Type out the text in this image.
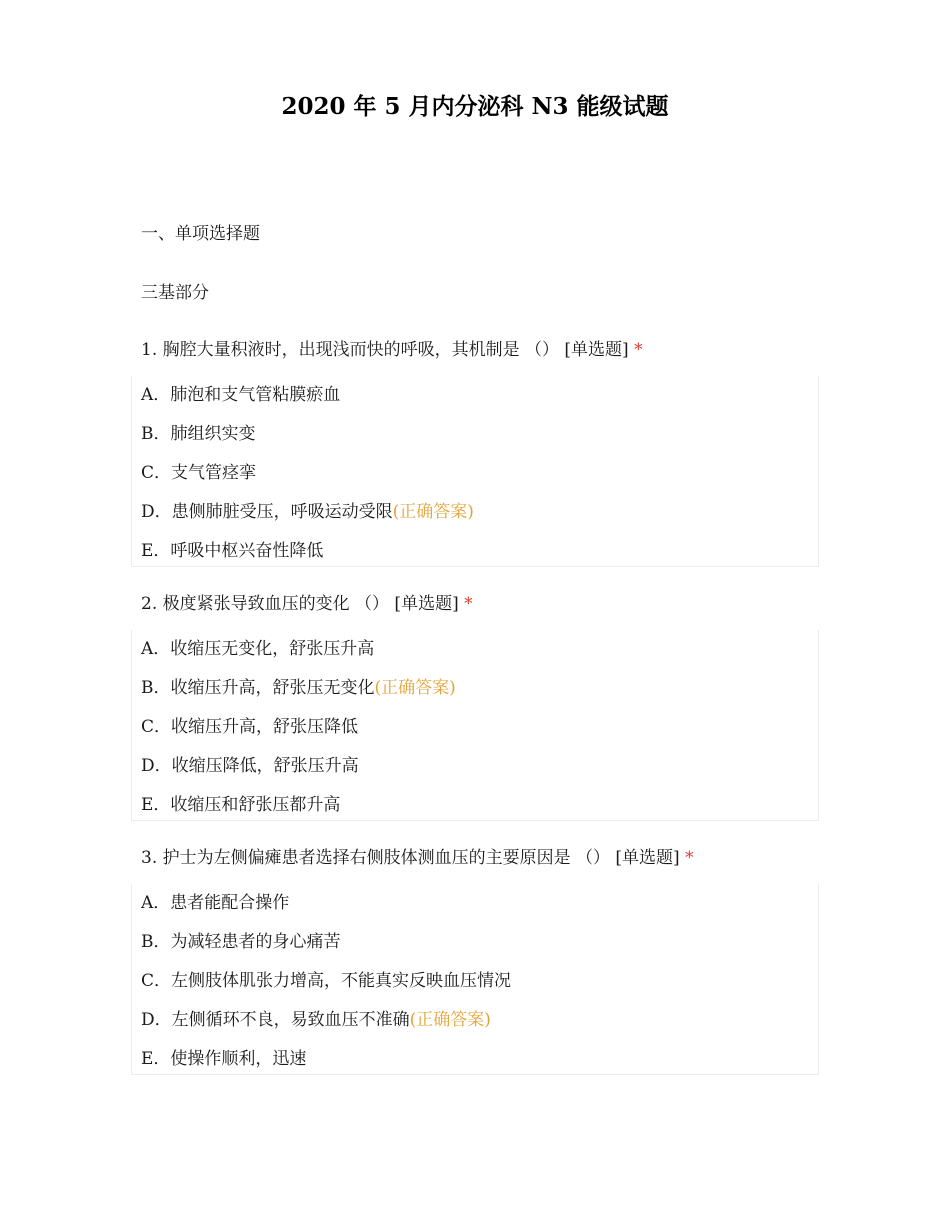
2020 年 5 月内分泌科 N3 能级试题
一、单项选择题
三基部分
1. 胸腔大量积液时，出现浅而快的呼吸，其机制是 （） [单选题] *
A．肺泡和支气管粘膜瘀血
B．肺组织实变
C．支气管痉挛
D．患侧肺脏受压，呼吸运动受限(正确答案)
E．呼吸中枢兴奋性降低
2. 极度紧张导致血压的变化 （） [单选题] *
A．收缩压无变化，舒张压升高
B．收缩压升高，舒张压无变化(正确答案)
C．收缩压升高，舒张压降低
D．收缩压降低，舒张压升高
E．收缩压和舒张压都升高
3. 护士为左侧偏瘫患者选择右侧肢体测血压的主要原因是 （） [单选题] *
A．患者能配合操作
B．为减轻患者的身心痛苦
C．左侧肢体肌张力增高，不能真实反映血压情况
D．左侧循环不良，易致血压不准确(正确答案)
E．使操作顺利，迅速
